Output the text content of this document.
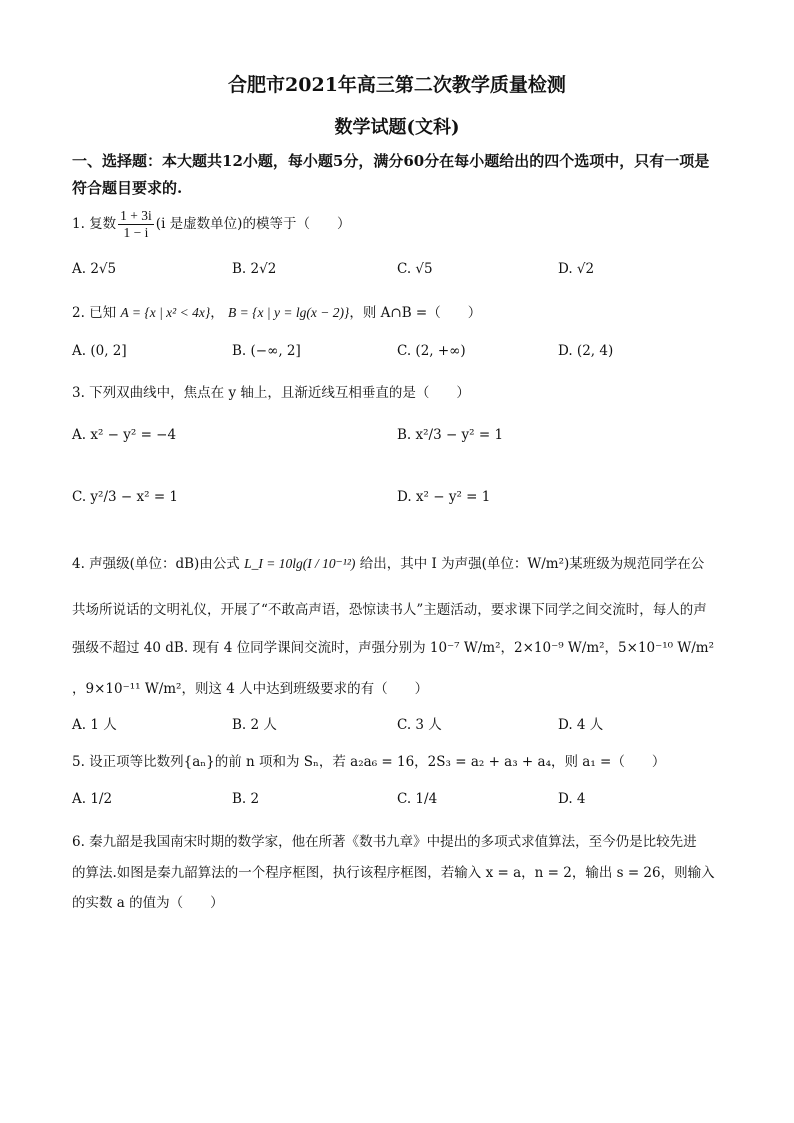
合肥市2021年高三第二次教学质量检测
数学试题(文科)
一、选择题：本大题共12小题，每小题5分，满分60分在每小题给出的四个选项中，只有一项是符合题目要求的.
1. 复数 $\frac{1 + 3i}{1 - i} (i$ 是虚数单位)的模等于（　　）
A. 2√5	B. 2√2	C. √5	D. √2
2. 已知 A = {x | x² < 4x}， B = {x | y = lg(x − 2)}，则 A∩B =（　　）
A. (0, 2]	B. (−∞, 2]	C. (2, +∞)	D. (2, 4)
3. 下列双曲线中，焦点在 y 轴上，且渐近线互相垂直的是（　　）
A. x² − y² = −4	B. x²/3 − y² = 1
C. y²/3 − x² = 1	D. x² − y² = 1
4. 声强级(单位：dB)由公式 L_I = 10lg(I / 10⁻¹²) 给出，其中 I 为声强(单位：W/m²)某班级为规范同学在公
共场所说话的文明礼仪，开展了“不敢高声语，恐惊读书人”主题活动，要求课下同学之间交流时，每人的声
强级不超过 40 dB. 现有 4 位同学课间交流时，声强分别为 10⁻⁷ W/m²，2×10⁻⁹ W/m²，5×10⁻¹⁰ W/m²
，9×10⁻¹¹ W/m²，则这 4 人中达到班级要求的有（　　）
A. 1 人	B. 2 人	C. 3 人	D. 4 人
5. 设正项等比数列{aₙ}的前 n 项和为 Sₙ，若 a₂a₆ = 16，2S₃ = a₂ + a₃ + a₄，则 a₁ =（　　）
A. 1/2	B. 2	C. 1/4	D. 4
6. 秦九韶是我国南宋时期的数学家，他在所著《数书九章》中提出的多项式求值算法，至今仍是比较先进
的算法.如图是秦九韶算法的一个程序框图，执行该程序框图，若输入 x = a，n = 2，输出 s = 26，则输入
的实数 a 的值为（　　）
